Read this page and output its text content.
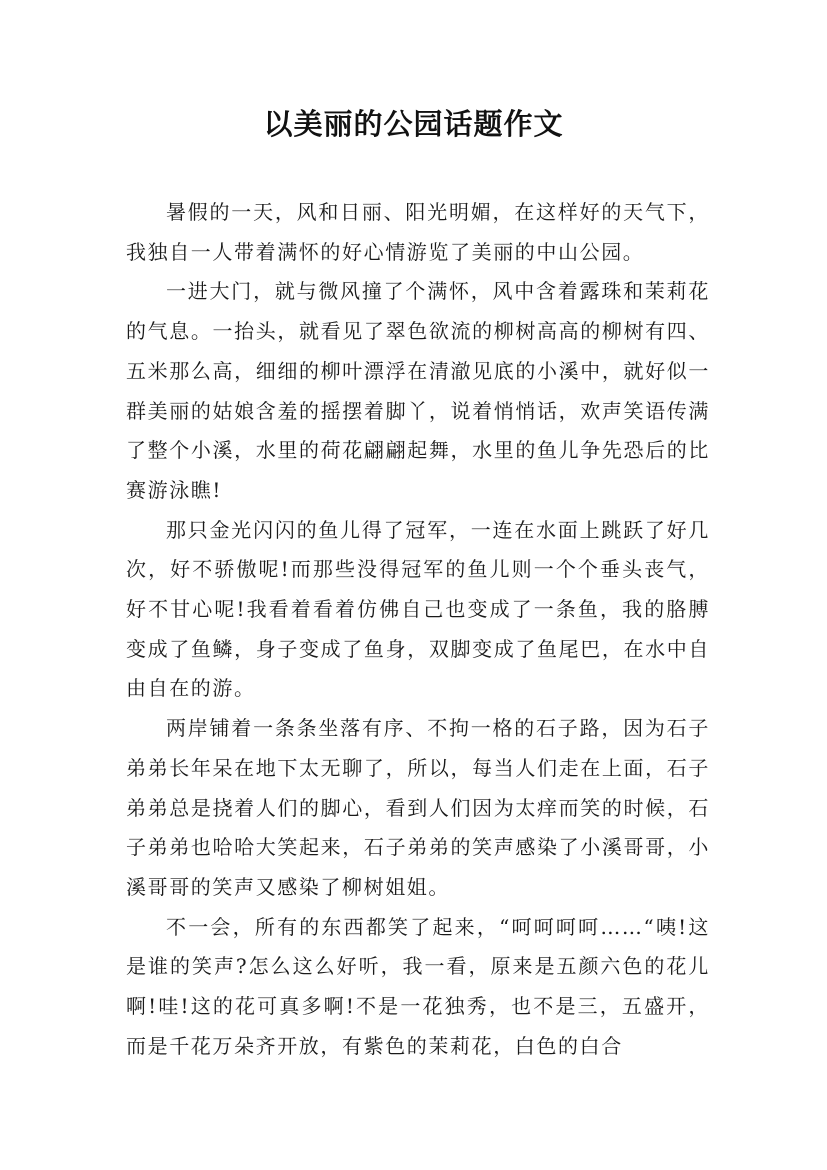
以美丽的公园话题作文

暑假的一天，风和日丽、阳光明媚，在这样好的天气下，我独自一人带着满怀的好心情游览了美丽的中山公园。

一进大门，就与微风撞了个满怀，风中含着露珠和茉莉花的气息。一抬头，就看见了翠色欲流的柳树高高的柳树有四、五米那么高，细细的柳叶漂浮在清澈见底的小溪中，就好似一群美丽的姑娘含羞的摇摆着脚丫，说着悄悄话，欢声笑语传满了整个小溪，水里的荷花翩翩起舞，水里的鱼儿争先恐后的比赛游泳瞧!

那只金光闪闪的鱼儿得了冠军，一连在水面上跳跃了好几次，好不骄傲呢!而那些没得冠军的鱼儿则一个个垂头丧气，好不甘心呢!我看着看着仿佛自己也变成了一条鱼，我的胳膊变成了鱼鳞，身子变成了鱼身，双脚变成了鱼尾巴，在水中自由自在的游。

两岸铺着一条条坐落有序、不拘一格的石子路，因为石子弟弟长年呆在地下太无聊了，所以，每当人们走在上面，石子弟弟总是挠着人们的脚心，看到人们因为太痒而笑的时候，石子弟弟也哈哈大笑起来，石子弟弟的笑声感染了小溪哥哥，小溪哥哥的笑声又感染了柳树姐姐。

不一会，所有的东西都笑了起来，“呵呵呵呵……“咦!这是谁的笑声?怎么这么好听，我一看，原来是五颜六色的花儿啊!哇!这的花可真多啊!不是一花独秀，也不是三，五盛开，而是千花万朵齐开放，有紫色的茉莉花，白色的白合
